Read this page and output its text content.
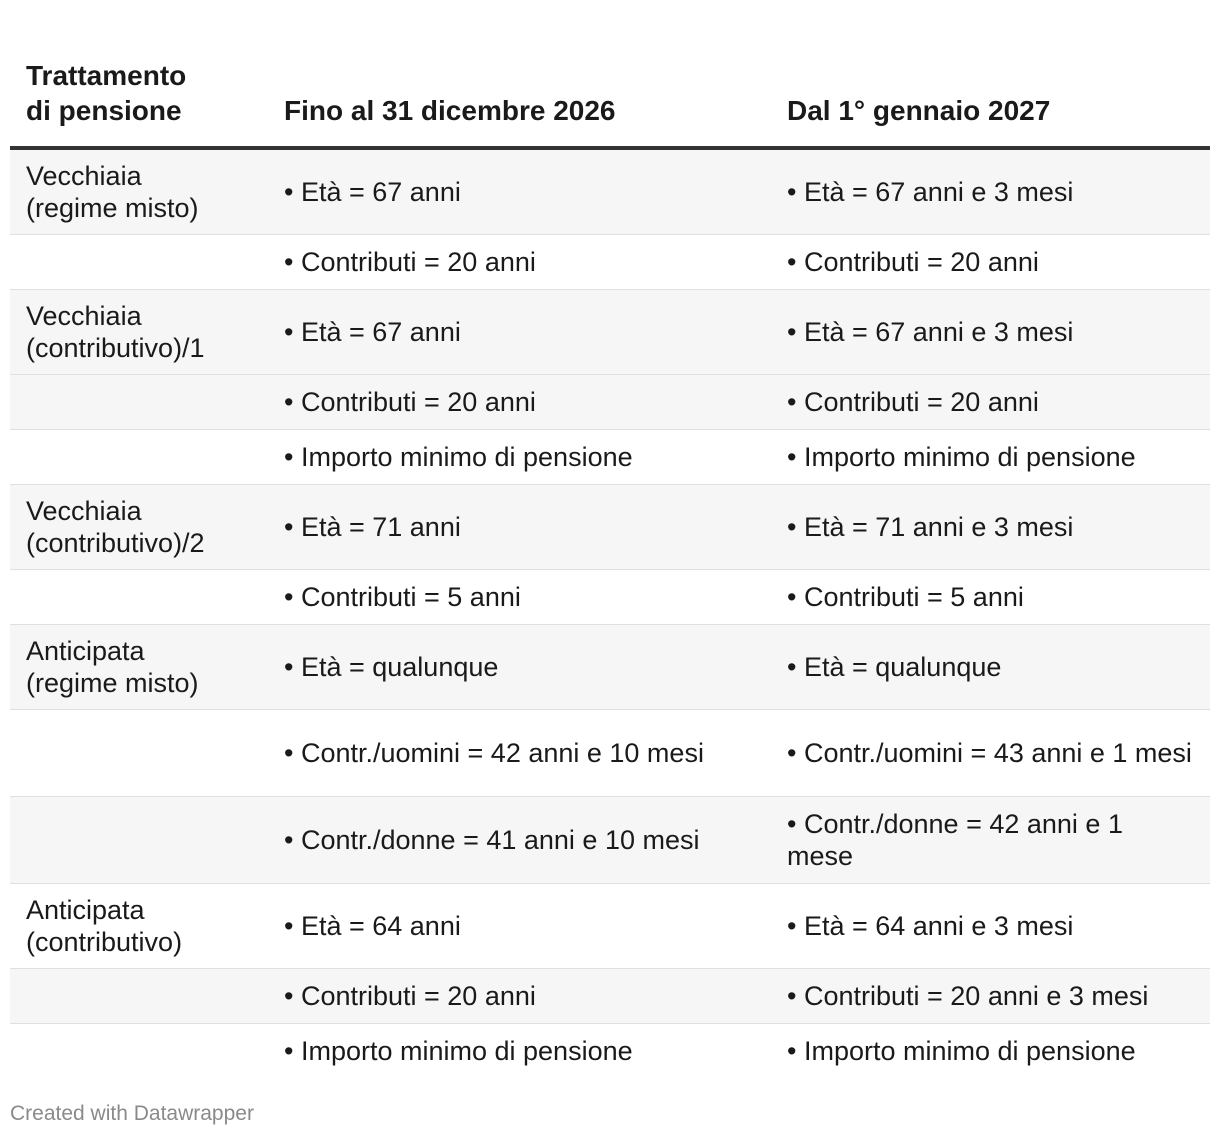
Trattamento
di pensione	Fino al 31 dicembre 2026	Dal 1° gennaio 2027
Vecchiaia
(regime misto)	• Età = 67 anni	• Età = 67 anni e 3 mesi
	• Contributi = 20 anni	• Contributi = 20 anni
Vecchiaia
(contributivo)/1	• Età = 67 anni	• Età = 67 anni e 3 mesi
	• Contributi = 20 anni	• Contributi = 20 anni
	• Importo minimo di pensione	• Importo minimo di pensione
Vecchiaia
(contributivo)/2	• Età = 71 anni	• Età = 71 anni e 3 mesi
	• Contributi = 5 anni	• Contributi = 5 anni
Anticipata
(regime misto)	• Età = qualunque	• Età = qualunque
	• Contr./uomini = 42 anni e 10 mesi	• Contr./uomini = 43 anni e 1 mesi
	• Contr./donne = 41 anni e 10 mesi	• Contr./donne = 42 anni e 1 mese
Anticipata
(contributivo)	• Età = 64 anni	• Età = 64 anni e 3 mesi
	• Contributi = 20 anni	• Contributi = 20 anni e 3 mesi
	• Importo minimo di pensione	• Importo minimo di pensione
Created with Datawrapper
